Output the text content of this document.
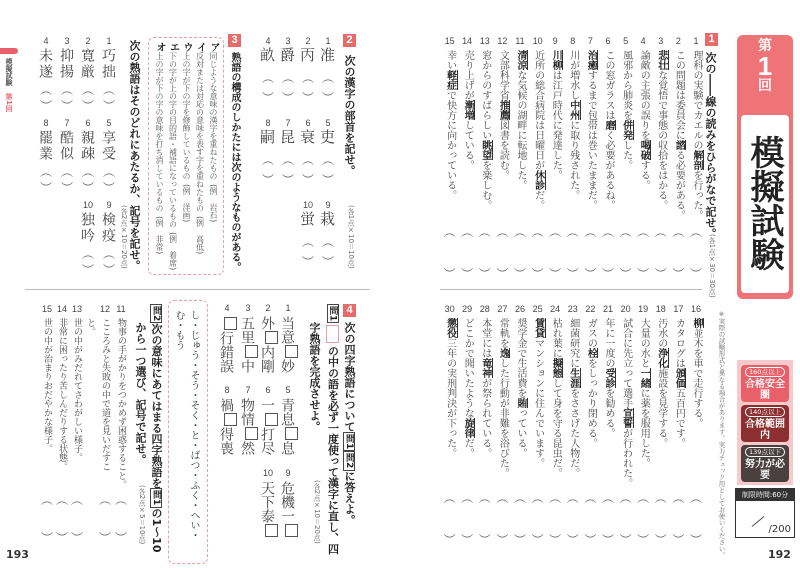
模擬試験
第1回
193	192
第
1
回
模擬試験
※実際の試験形式と異なる場合があります。実力チェック用としてお使いください。	制限時間:60分
/200
1
次の――線の読みをひらがなで記せ。
(各1点×30＝30点)
2
次の漢字の部首を記せ。
(各1点×10＝10点)
3
熟語の構成のしかたには次のようなものがある。
次の熟語はそのどれにあたるか、記号を記せ。
(各2点×10＝20点)
4
次の四字熟語について問1問2に答えよ。
問1の中の語を必ず一度使って漢字に直し、四
字熟語を完成させよ。
(各2点×10＝20点)
し・じゅう・そう・そく・と・ばつ・ふく・へい・
む・もう
問2次の意味にあてはまる四字熟語を問1の1〜10
から一つ選び、記号で記せ。
(各2点×5＝10点)
1
理科の実験でカエルの解剖を行った。
︵
︶
2
この問題は委員会に諮る必要がある。
︵
︶
3
悲壮な覚悟で事態の収拾をはかる。
︵
︶
4
論敵の主張の誤りを喝破する。
︵
︶
5
風邪から肺炎を併発した。
︵
︶
6
この窓ガラスは磨く必要があるね。
︵
︶
7
治癒するまで包帯は巻いたままだ。
︵
︶
8
川が増水し中州に取り残された。
︵
︶
9
川柳は江戸時代に発達した。
︵
︶
10
近所の総合病院は日曜日が休診だ。
︵
︶
11
清涼な気候の湖畔に転地した。
︵
︶
12
文部科学省推薦図書を読む。
︵
︶
13
窓からのすばらしい眺望を楽しむ。
︵
︶
14
売り上げが漸増している。
︵
︶
15
幸い軽症で快方に向かっている。
︵
︶
16
柳並木を車で走行する。
︵
︶
17
カタログは頒価五百円です。
︵
︶
18
汚水の浄化施設を見学する。
︵
︶
19
大量の水と一緒に薬を服用した。
︵
︶
20
試合に先立って選手宣誓が行われた。
︵
︶
21
年に一度の受診を勧める。
︵
︶
22
ガスの栓をしっかり閉める。
︵
︶
23
細菌研究に生涯をささげた人物だ。
︵
︶
24
枯れ葉に擬態して身を守る昆虫だ。
︵
︶
25
賃貸マンションに住んでいます。
︵
︶
26
奨学金で生活費を賄っている。
︵
︶
27
常軌を逸した行動が非難を浴びた。
︵
︶
28
本堂には竜神が祭られている。
︵
︶
29
どこかで聞いたような旋律だ。
︵
︶
30
懲役三年の実刑判決が下った。
︵
︶
1
准
︵
︶
2
丙
︵
︶
3
爵
︵
︶
4
畝
︵
︶
5
吏
︵
︶
6
衰
︵
︶
7
昆
︵
︶
8
嗣
︵
︶
9
栽
︵
︶
10
蛍
︵
︶
ア同じような意味の漢字を重ねたもの(例　岩石)
イ反対または対応の意味を表す字を重ねたもの(例　高低)
ウ上の字が下の字を修飾しているもの(例　洋画)
エ下の字が上の字の目的語・補語になっているもの(例　着席)
オ上の字が下の字の意味を打ち消しているもの(例　非常)
1
巧拙
︵
︶
2
寛厳
︵
︶
3
抑揚
︵
︶
4
未遂
︵
︶
5
享受
︵
︶
6
親疎
︵
︶
7
酷似
︵
︶
8
罷業
︵
︶
9
検疫
︵
︶
10
独吟
︵
︶
1
当意妙
2
外内剛
3
五里中
4
行錯誤
5
青息息
6
一打尽
7
物情然
8
禍得喪
9
危機一
10
天下泰
11
物事の手がかりをつかめず困惑すること。
︵
︶
12
こころみと失敗の中で道を見いだすこ
と。
︵
︶
13
世の中がみだれてさわがしい様子。
︵
︶
14
非常に困ったり苦しんだりする状態。
︵
︶
15
世の中が治まりおだやかな様子。
︵
︶
160点以上
合格安全圏
140点以上
合格範囲内
139点以下
努力が必要
